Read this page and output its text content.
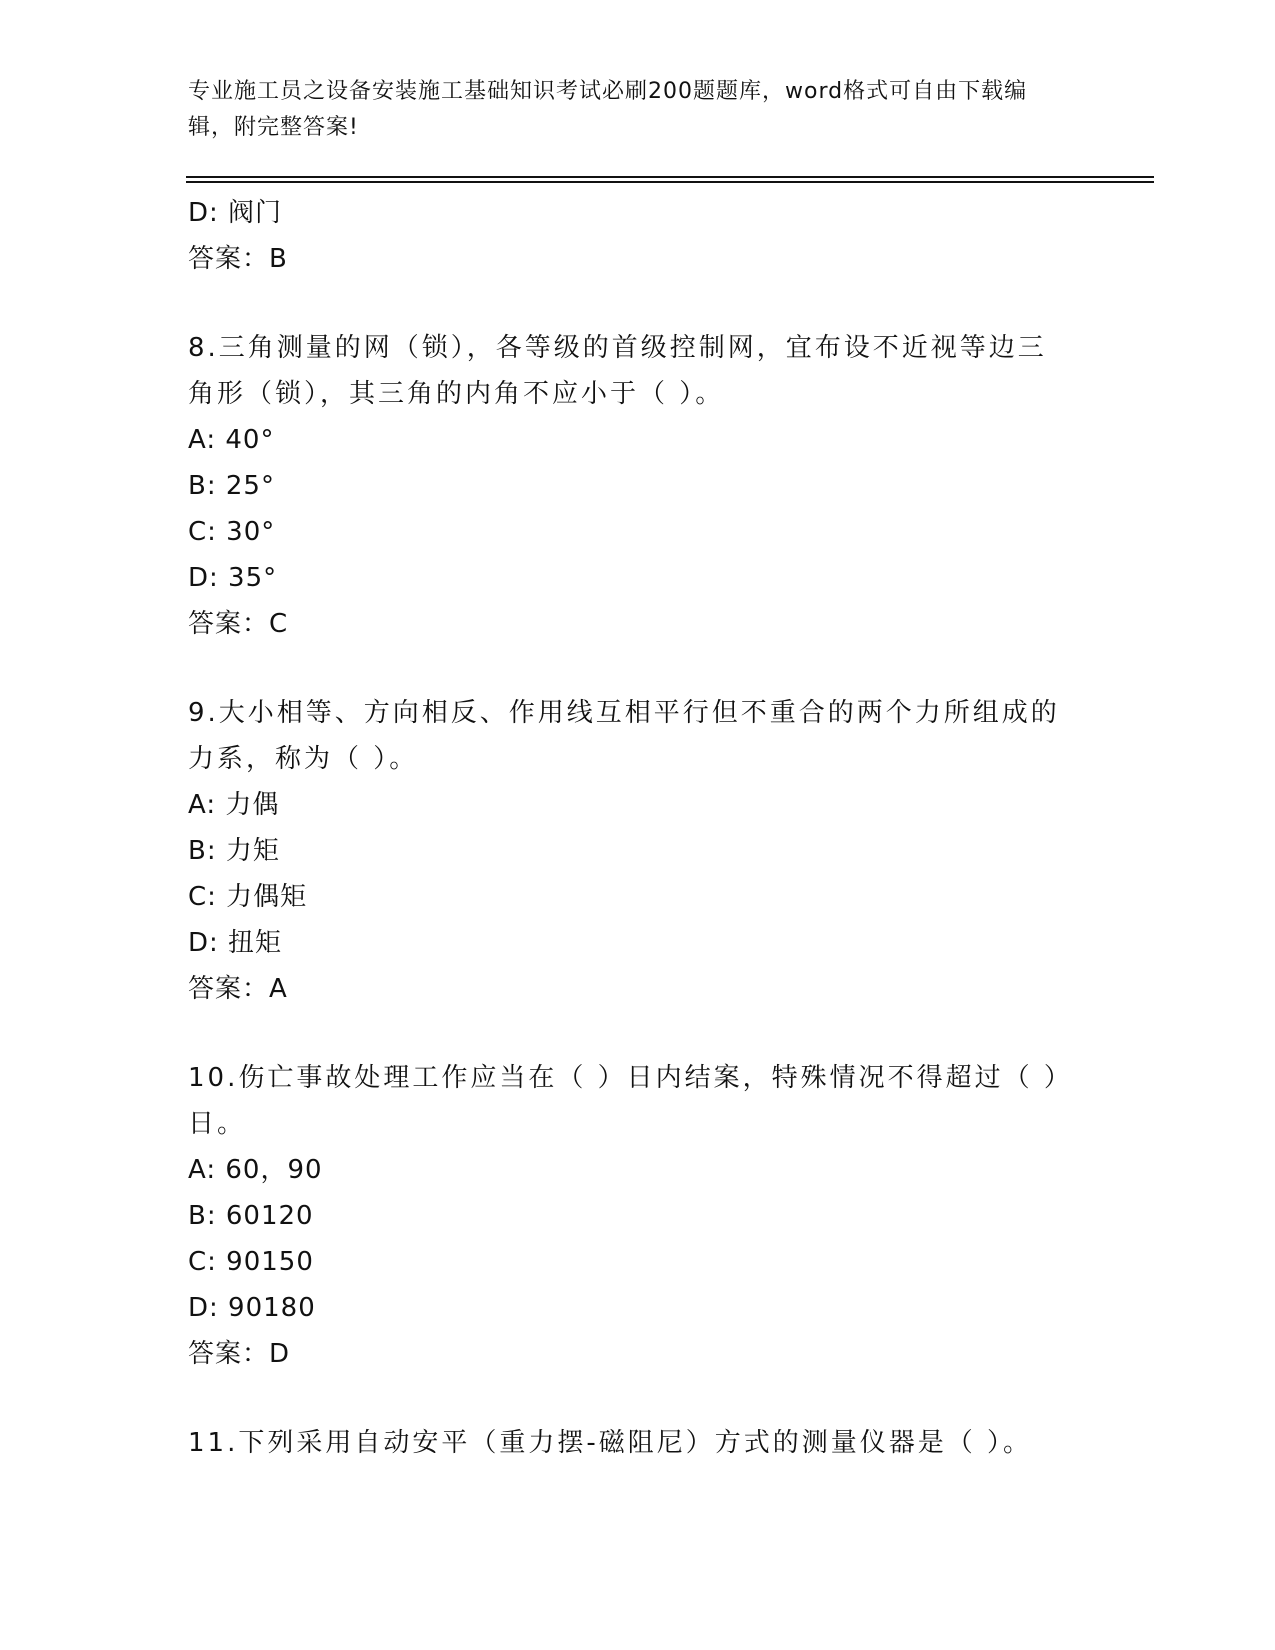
专业施工员之设备安装施工基础知识考试必刷200题题库，word格式可自由下载编辑，附完整答案!
D: 阀门
答案：B
8.三角测量的网（锁），各等级的首级控制网，宜布设不近视等边三角形（锁），其三角的内角不应小于（ ）。
A: 40°
B: 25°
C: 30°
D: 35°
答案：C
9.大小相等、方向相反、作用线互相平行但不重合的两个力所组成的力系，称为（ ）。
A: 力偶
B: 力矩
C: 力偶矩
D: 扭矩
答案：A
10.伤亡事故处理工作应当在（ ）日内结案，特殊情况不得超过（ ）日。
A: 60，90
B: 60120
C: 90150
D: 90180
答案：D
11.下列采用自动安平（重力摆-磁阻尼）方式的测量仪器是（ ）。
